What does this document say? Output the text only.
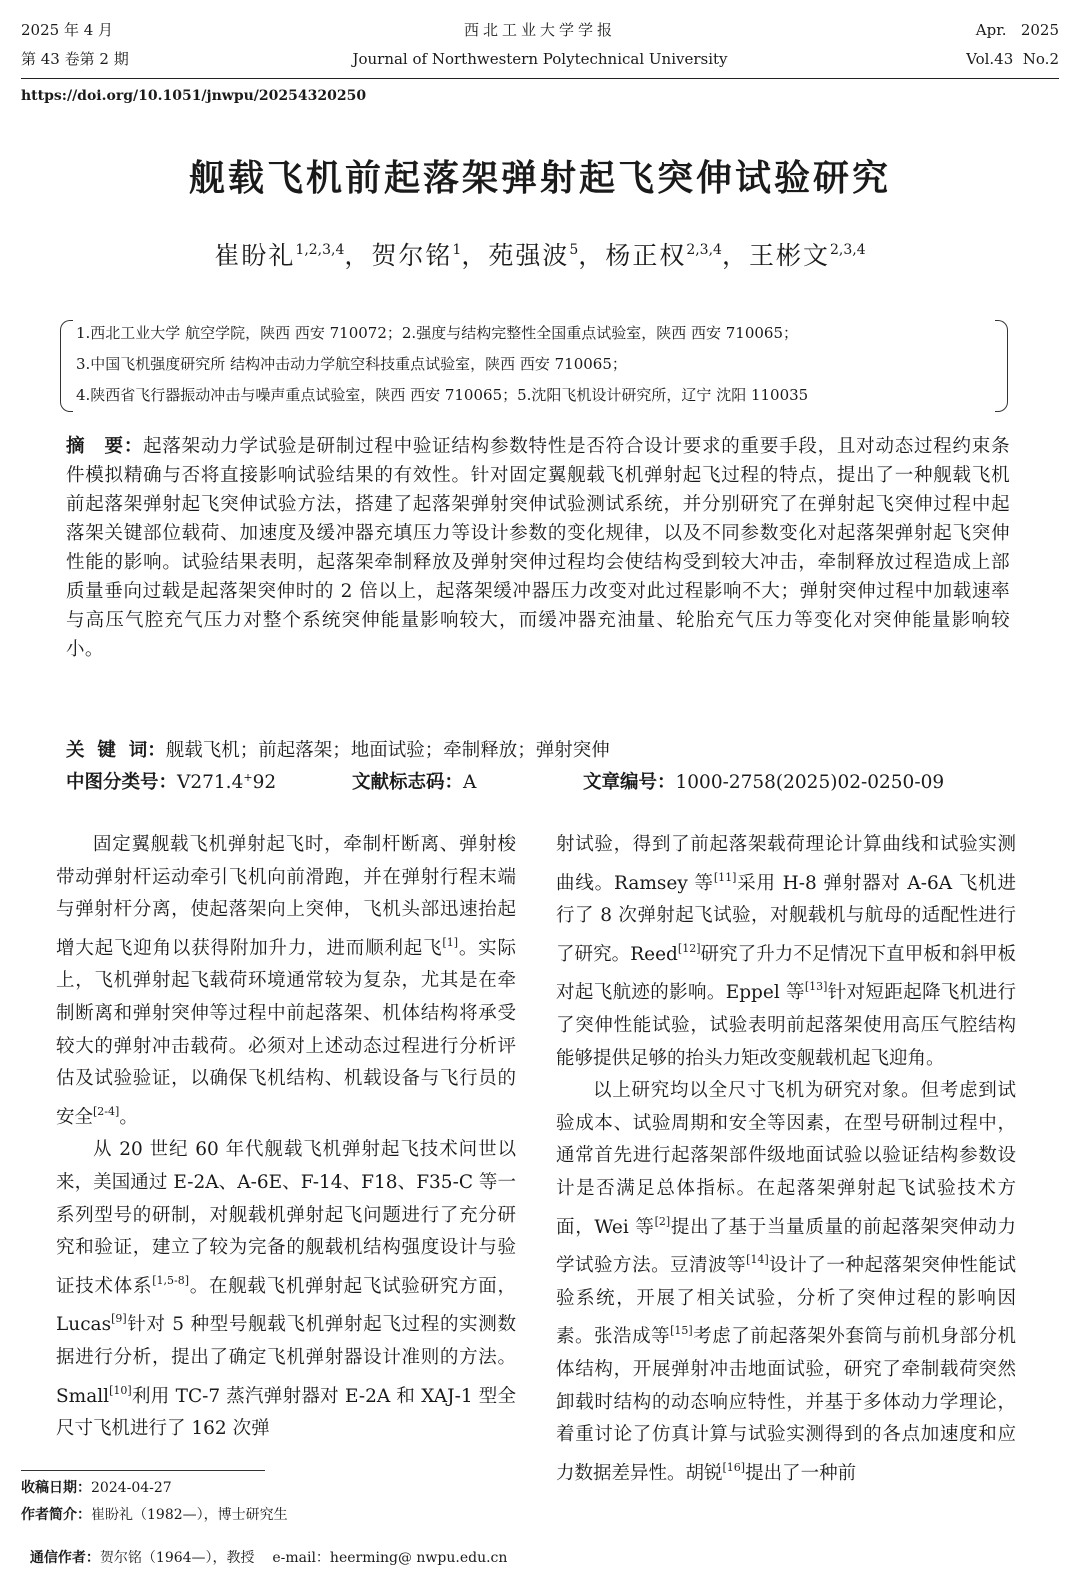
2025 年 4 月
第 43 卷第 2 期
西北工业大学学报
Journal of Northwestern Polytechnical University
Apr.   2025
Vol.43  No.2
https://doi.org/10.1051/jnwpu/20254320250
舰载飞机前起落架弹射起飞突伸试验研究
崔盼礼$^{1,2,3,4}$，贺尔铭$^1$，苑强波$^5$，杨正权$^{2,3,4}$，王彬文$^{2,3,4}$
1.西北工业大学 航空学院，陕西 西安 710072；2.强度与结构完整性全国重点试验室，陕西 西安 710065；
3.中国飞机强度研究所 结构冲击动力学航空科技重点试验室，陕西 西安 710065；
4.陕西省飞行器振动冲击与噪声重点试验室，陕西 西安 710065；5.沈阳飞机设计研究所，辽宁 沈阳 110035
摘　要：起落架动力学试验是研制过程中验证结构参数特性是否符合设计要求的重要手段，且对动态过程约束条件模拟精确与否将直接影响试验结果的有效性。针对固定翼舰载飞机弹射起飞过程的特点，提出了一种舰载飞机前起落架弹射起飞突伸试验方法，搭建了起落架弹射突伸试验测试系统，并分别研究了在弹射起飞突伸过程中起落架关键部位载荷、加速度及缓冲器充填压力等设计参数的变化规律，以及不同参数变化对起落架弹射起飞突伸性能的影响。试验结果表明，起落架牵制释放及弹射突伸过程均会使结构受到较大冲击，牵制释放过程造成上部质量垂向过载是起落架突伸时的 2 倍以上，起落架缓冲器压力改变对此过程影响不大；弹射突伸过程中加载速率与高压气腔充气压力对整个系统突伸能量影响较大，而缓冲器充油量、轮胎充气压力等变化对突伸能量影响较小。
关  键  词：舰载飞机；前起落架；地面试验；牵制释放；弹射突伸
中图分类号：V271.4+92	文献标志码：A	文章编号：1000-2758(2025)02-0250-09

固定翼舰载飞机弹射起飞时，牵制杆断离、弹射梭带动弹射杆运动牵引飞机向前滑跑，并在弹射行程末端与弹射杆分离，使起落架向上突伸，飞机头部迅速抬起增大起飞迎角以获得附加升力，进而顺利起飞[1]。实际上，飞机弹射起飞载荷环境通常较为复杂，尤其是在牵制断离和弹射突伸等过程中前起落架、机体结构将承受较大的弹射冲击载荷。必须对上述动态过程进行分析评估及试验验证，以确保飞机结构、机载设备与飞行员的安全[2-4]。

从 20 世纪 60 年代舰载飞机弹射起飞技术问世以来，美国通过 E-2A、A-6E、F-14、F18、F35-C 等一系列型号的研制，对舰载机弹射起飞问题进行了充分研究和验证，建立了较为完备的舰载机结构强度设计与验证技术体系[1,5-8]。在舰载飞机弹射起飞试验研究方面，Lucas[9]针对 5 种型号舰载飞机弹射起飞过程的实测数据进行分析，提出了确定飞机弹射器设计准则的方法。Small[10]利用 TC-7 蒸汽弹射器对 E-2A 和 XAJ-1 型全尺寸飞机进行了 162 次弹

射试验，得到了前起落架载荷理论计算曲线和试验实测曲线。Ramsey 等[11]采用 H-8 弹射器对 A-6A 飞机进行了 8 次弹射起飞试验，对舰载机与航母的适配性进行了研究。Reed[12]研究了升力不足情况下直甲板和斜甲板对起飞航迹的影响。Eppel 等[13]针对短距起降飞机进行了突伸性能试验，试验表明前起落架使用高压气腔结构能够提供足够的抬头力矩改变舰载机起飞迎角。

以上研究均以全尺寸飞机为研究对象。但考虑到试验成本、试验周期和安全等因素，在型号研制过程中，通常首先进行起落架部件级地面试验以验证结构参数设计是否满足总体指标。在起落架弹射起飞试验技术方面，Wei 等[2]提出了基于当量质量的前起落架突伸动力学试验方法。豆清波等[14]设计了一种起落架突伸性能试验系统，开展了相关试验，分析了突伸过程的影响因素。张浩成等[15]考虑了前起落架外套筒与前机身部分机体结构，开展弹射冲击地面试验，研究了牵制载荷突然卸载时结构的动态响应特性，并基于多体动力学理论，着重讨论了仿真计算与试验实测得到的各点加速度和应力数据差异性。胡锐[16]提出了一种前

收稿日期：2024-04-27
作者简介：崔盼礼（1982—），博士研究生

通信作者：贺尔铭（1964—），教授    e-mail：heerming@ nwpu.edu.cn
